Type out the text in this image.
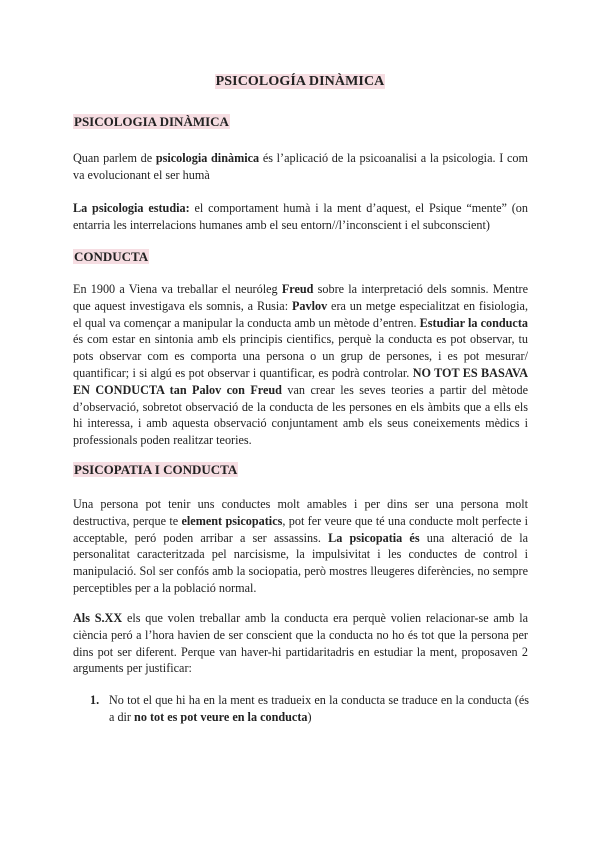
PSICOLOGÍA DINÀMICA
PSICOLOGIA DINÀMICA
Quan parlem de psicologia dinàmica és l’aplicació de la psicoanalisi a la psicologia. I com va evolucionant el ser humà
La psicologia estudia: el comportament humà i la ment d’aquest, el Psique “mente” (on entarria les interrelacions humanes amb el seu entorn//l’inconscient i el subconscient)
CONDUCTA
En 1900 a Viena va treballar el neuróleg Freud sobre la interpretació dels somnis. Mentre que aquest investigava els somnis, a Rusia: Pavlov era un metge especialitzat en fisiologia, el qual va començar a manipular la conducta amb un mètode d’entren. Estudiar la conducta és com estar en sintonia amb els principis cientifics, perquè la conducta es pot observar, tu pots observar com es comporta una persona o un grup de persones, i es pot mesurar/ quantificar; i si algú es pot observar i quantificar, es podrà controlar. NO TOT ES BASAVA EN CONDUCTA tan Palov con Freud van crear les seves teories a partir del mètode d’observació, sobretot observació de la conducta de les persones en els àmbits que a ells els hi interessa, i amb aquesta observació conjuntament amb els seus coneixements mèdics i professionals poden realitzar teories.
PSICOPATIA I CONDUCTA
Una persona pot tenir uns conductes molt amables i per dins ser una persona molt destructiva, perque te element psicopatics, pot fer veure que té una conducte molt perfecte i acceptable, peró poden arribar a ser assassins. La psicopatia és una alteració de la personalitat caracteritzada pel narcisisme, la impulsivitat i les conductes de control i manipulació. Sol ser confós amb la sociopatia, però mostres lleugeres diferències, no sempre perceptibles per a la població normal.
Als S.XX els que volen treballar amb la conducta era perquè volien relacionar-se amb la ciència peró a l’hora havien de ser conscient que la conducta no ho és tot que la persona per dins pot ser diferent. Perque van haver-hi partidaritadris en estudiar la ment, proposaven 2 arguments per justificar:
1. No tot el que hi ha en la ment es tradueix en la conducta se traduce en la conducta (és a dir no tot es pot veure en la conducta)
